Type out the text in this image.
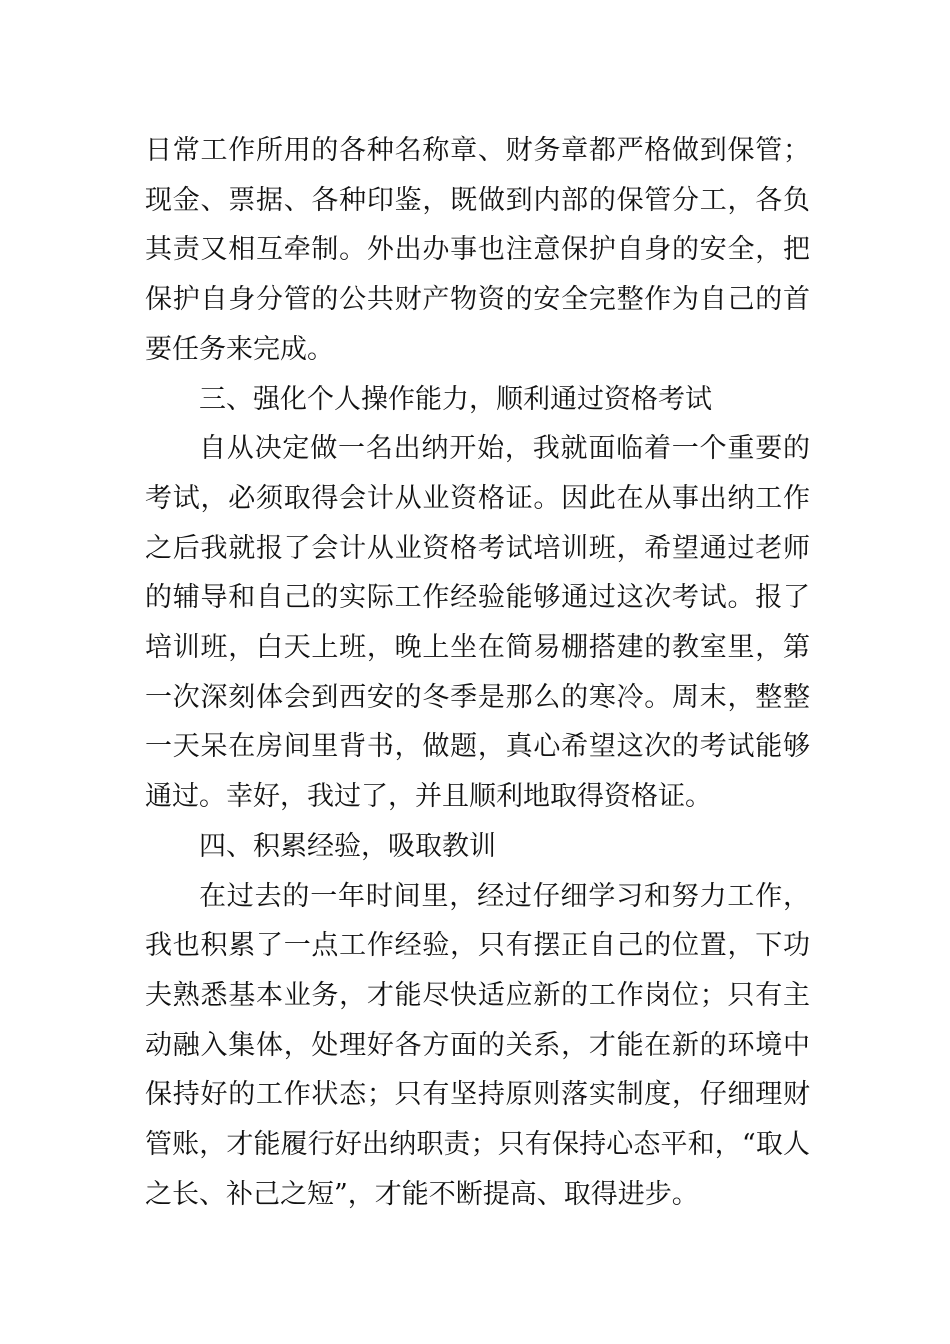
日常工作所用的各种名称章、财务章都严格做到保管；现金、票据、各种印鉴，既做到内部的保管分工，各负其责又相互牵制。外出办事也注意保护自身的安全，把保护自身分管的公共财产物资的安全完整作为自己的首要任务来完成。

三、强化个人操作能力，顺利通过资格考试

自从决定做一名出纳开始，我就面临着一个重要的考试，必须取得会计从业资格证。因此在从事出纳工作之后我就报了会计从业资格考试培训班，希望通过老师的辅导和自己的实际工作经验能够通过这次考试。报了培训班，白天上班，晚上坐在简易棚搭建的教室里，第一次深刻体会到西安的冬季是那么的寒冷。周末，整整一天呆在房间里背书，做题，真心希望这次的考试能够通过。幸好，我过了，并且顺利地取得资格证。

四、积累经验，吸取教训

在过去的一年时间里，经过仔细学习和努力工作，我也积累了一点工作经验，只有摆正自己的位置，下功夫熟悉基本业务，才能尽快适应新的工作岗位；只有主动融入集体，处理好各方面的关系，才能在新的环境中保持好的工作状态；只有坚持原则落实制度，仔细理财管账，才能履行好出纳职责；只有保持心态平和，“取人之长、补己之短”，才能不断提高、取得进步。
